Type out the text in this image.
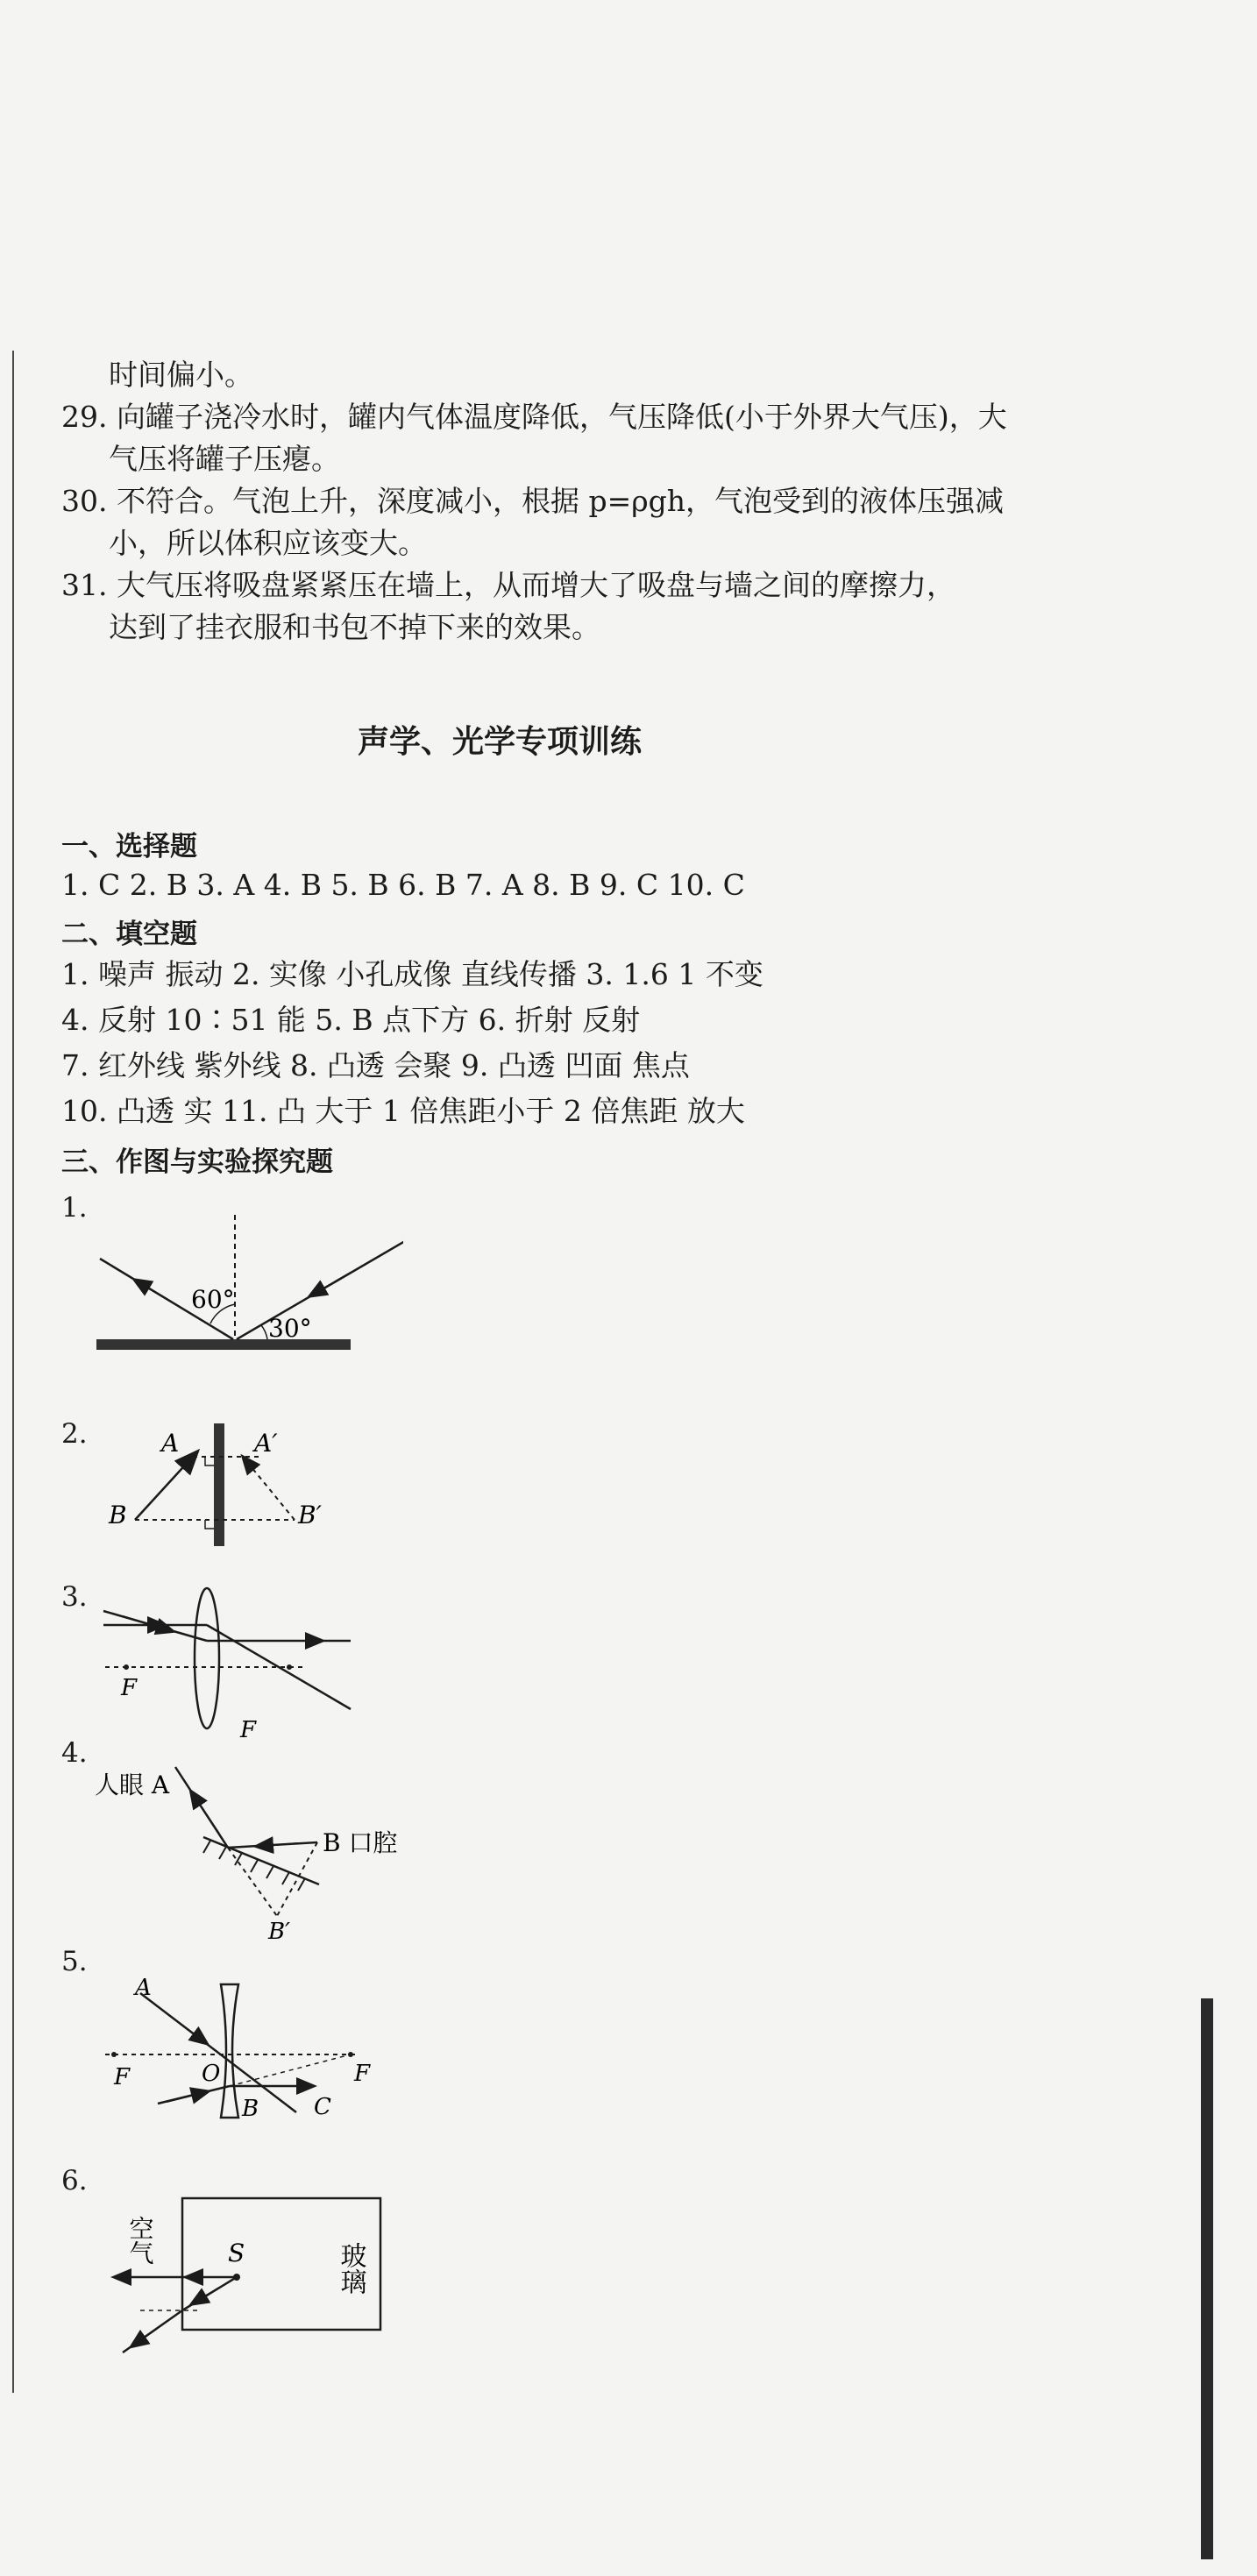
时间偏小。
29. 向罐子浇冷水时，罐内气体温度降低，气压降低(小于外界大气压)，大
气压将罐子压瘪。
30. 不符合。气泡上升，深度减小，根据 p=ρgh，气泡受到的液体压强减
小，所以体积应该变大。
31. 大气压将吸盘紧紧压在墙上，从而增大了吸盘与墙之间的摩擦力，
达到了挂衣服和书包不掉下来的效果。
声学、光学专项训练
一、选择题
1. C 2. B 3. A 4. B 5. B 6. B 7. A 8. B 9. C 10. C
二、填空题
1. 噪声 振动 2. 实像 小孔成像 直线传播 3. 1.6 1 不变
4. 反射 10∶51 能 5. B 点下方 6. 折射 反射
7. 红外线 紫外线 8. 凸透 会聚 9. 凸透 凹面 焦点
10. 凸透 实 11. 凸 大于 1 倍焦距小于 2 倍焦距 放大
三、作图与实验探究题
1.
60°
30°
2.	A	A′
B	B′
3.
F
F
4.
人眼 A
B 口腔
B′
5.
A
F	O
B C
F
6.
S
空气
玻璃
